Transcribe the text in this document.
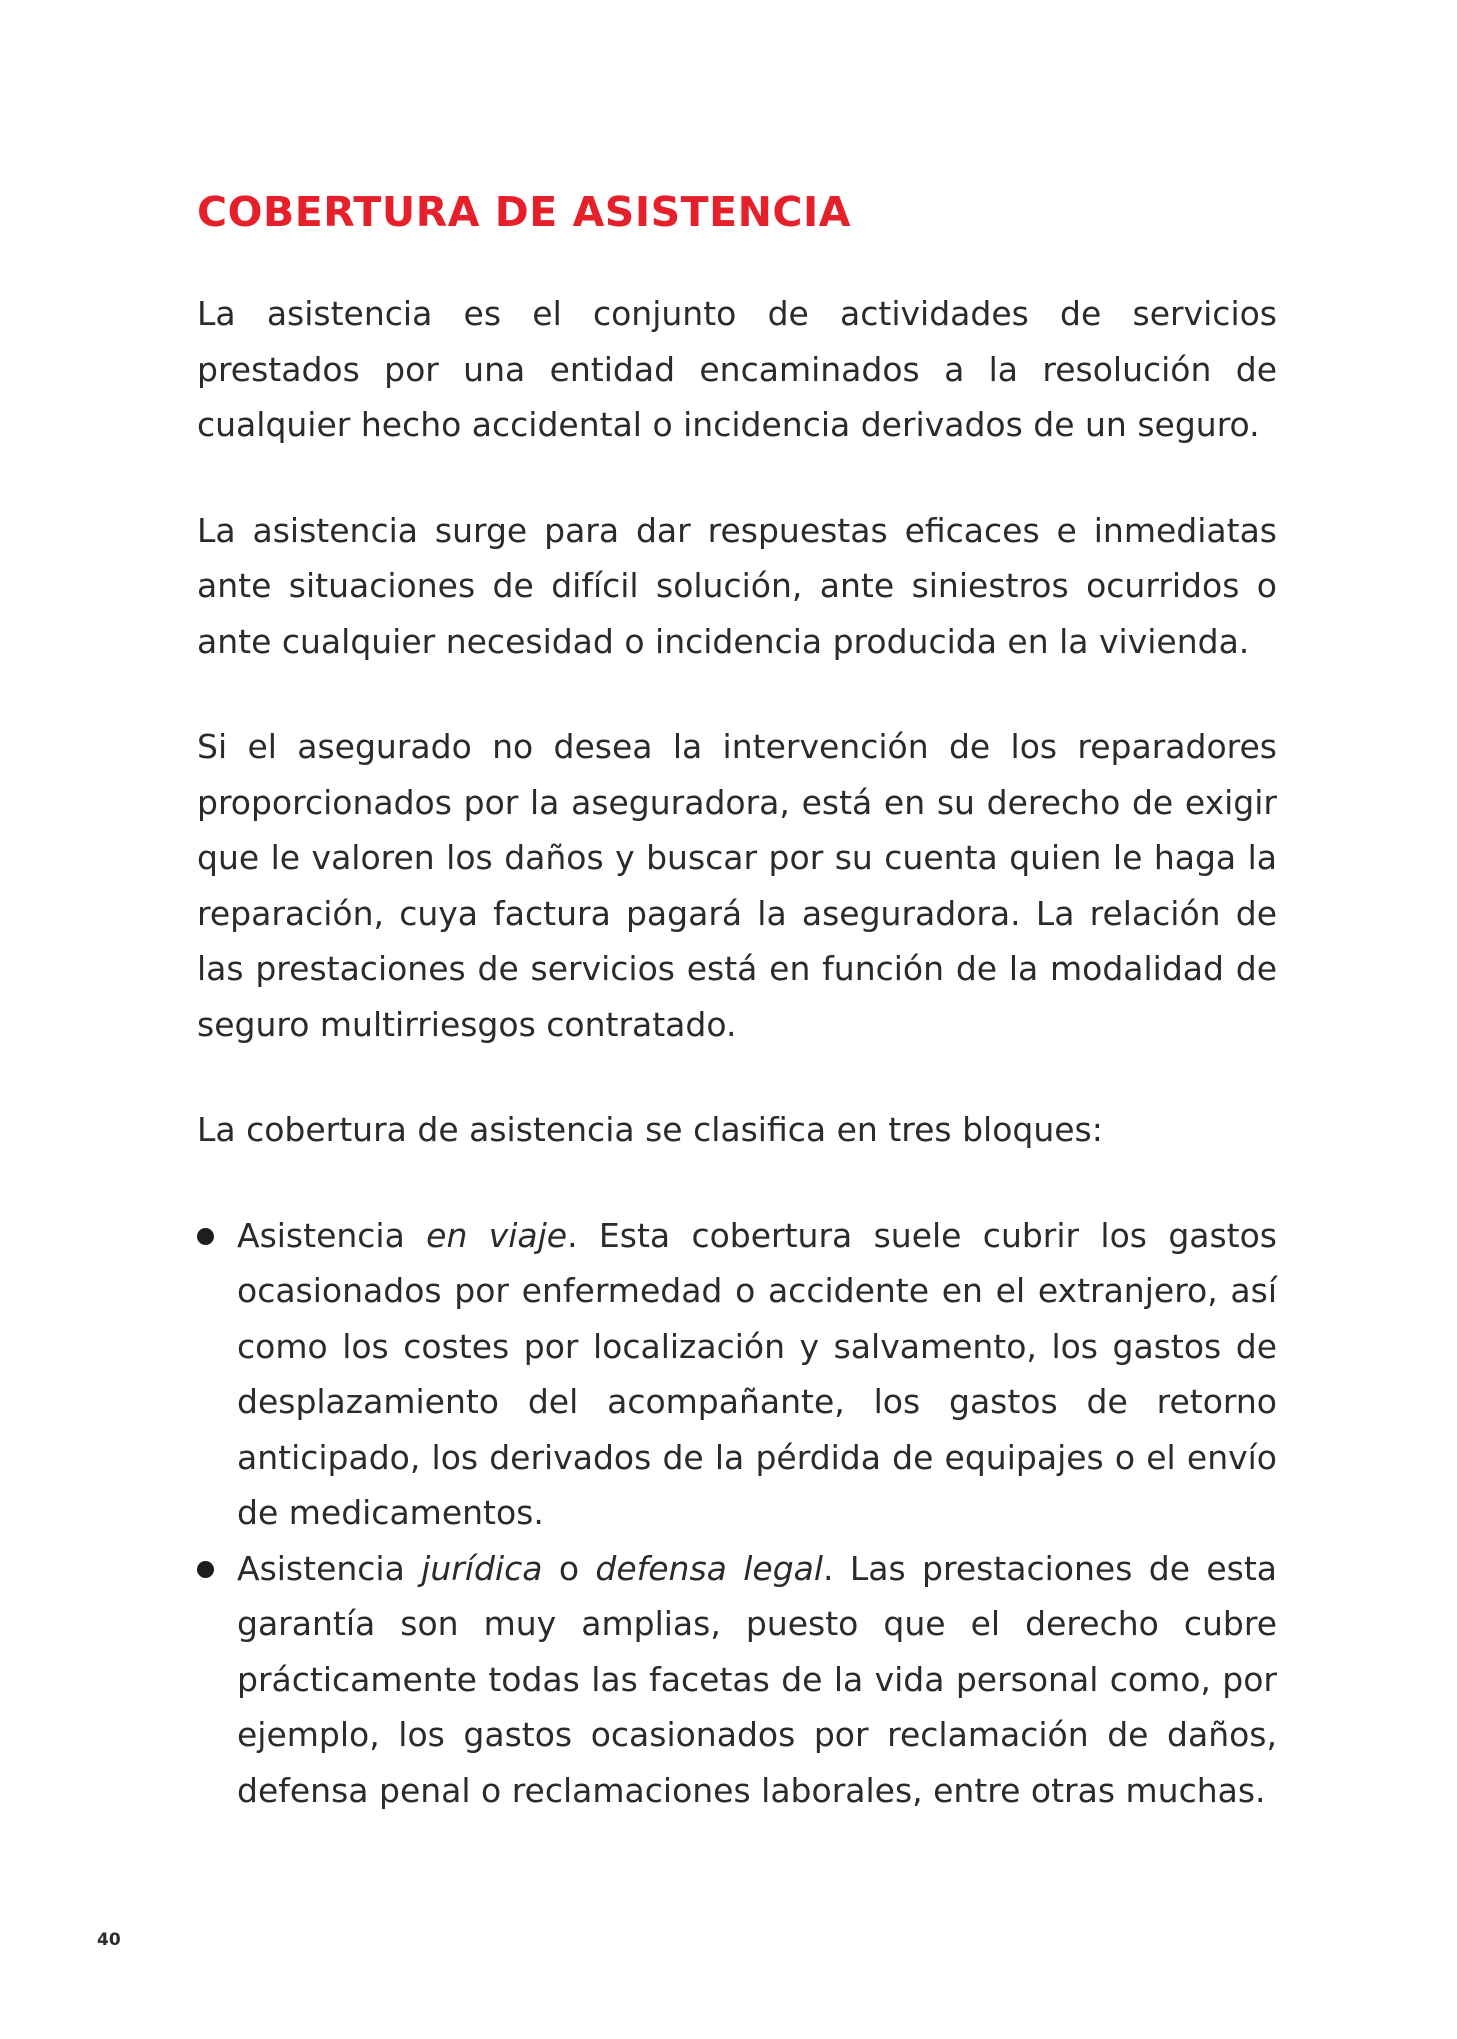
COBERTURA DE ASISTENCIA

La asistencia es el conjunto de actividades de servicios prestados por una entidad encaminados a la resolución de cualquier hecho accidental o incidencia derivados de un seguro.

La asistencia surge para dar respuestas eficaces e inmediatas ante situaciones de difícil solución, ante siniestros ocurridos o ante cualquier necesidad o incidencia producida en la vivienda.

Si el asegurado no desea la intervención de los reparadores proporcionados por la aseguradora, está en su derecho de exigir que le valoren los daños y buscar por su cuenta quien le haga la reparación, cuya factura pagará la aseguradora. La relación de las prestaciones de servicios está en función de la modalidad de seguro multirriesgos contratado.

La cobertura de asistencia se clasifica en tres bloques:

Asistencia en viaje. Esta cobertura suele cubrir los gastos ocasionados por enfermedad o accidente en el extranjero, así como los costes por localización y salvamento, los gastos de desplazamiento del acompañante, los gastos de retorno anticipado, los derivados de la pérdida de equipajes o el envío de medicamentos.
Asistencia jurídica o defensa legal. Las prestaciones de esta garantía son muy amplias, puesto que el derecho cubre prácticamente todas las facetas de la vida personal como, por ejemplo, los gastos ocasionados por reclamación de daños, defensa penal o reclamaciones laborales, entre otras muchas.
40
